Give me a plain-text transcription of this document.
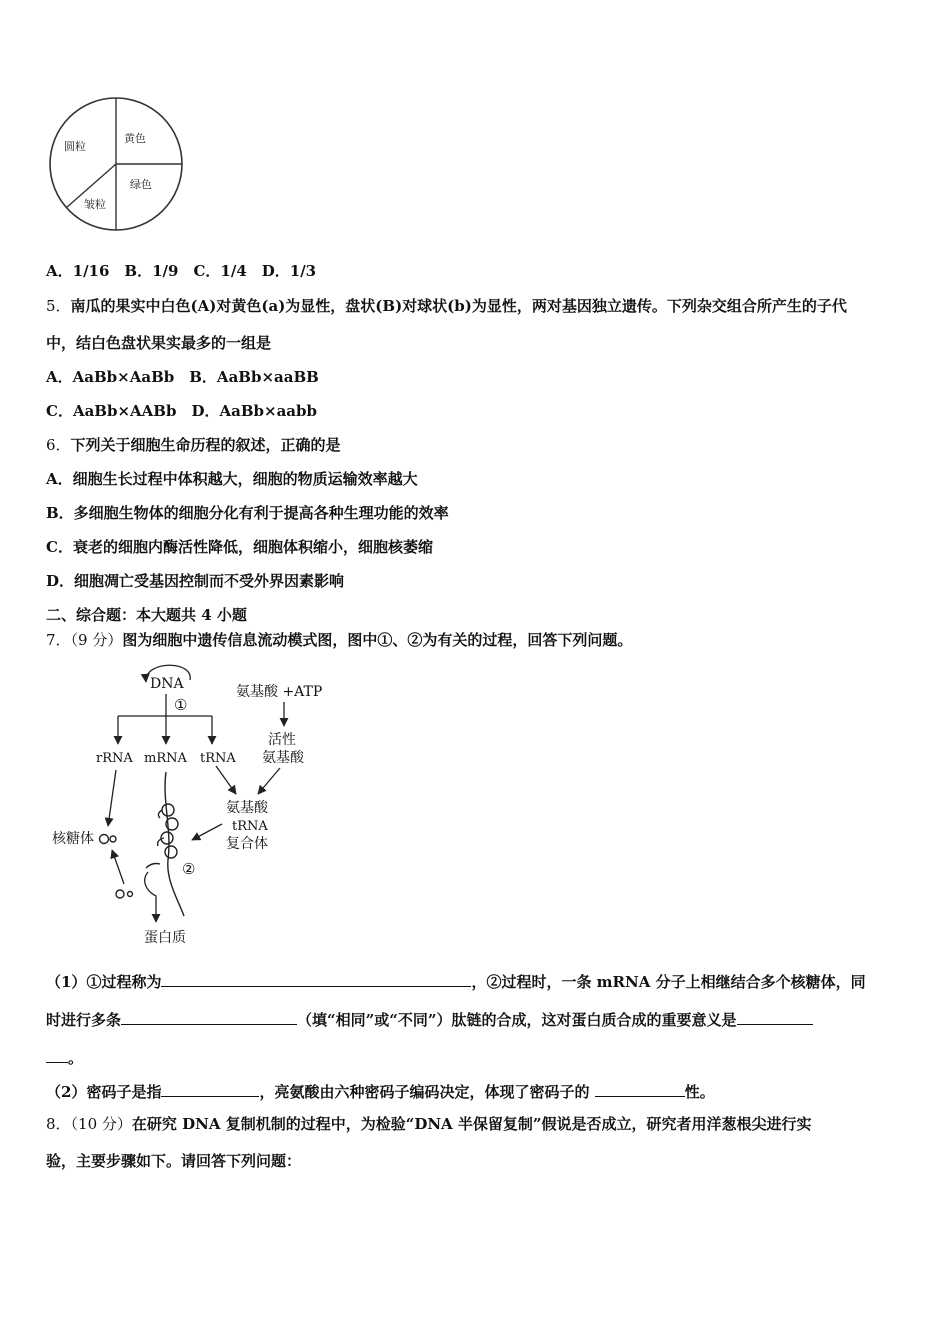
圆粒
黄色
绿色
皱粒
A．1/16　B．1/9　C．1/4　D．1/3
5．南瓜的果实中白色(A)对黄色(a)为显性，盘状(B)对球状(b)为显性，两对基因独立遗传。下列杂交组合所产生的子代
中，结白色盘状果实最多的一组是
A．AaBb×AaBb　B．AaBb×aaBB
C．AaBb×AABb　D．AaBb×aabb
6．下列关于细胞生命历程的叙述，正确的是
A．细胞生长过程中体积越大，细胞的物质运输效率越大
B．多细胞生物体的细胞分化有利于提高各种生理功能的效率
C．衰老的细胞内酶活性降低，细胞体积缩小，细胞核萎缩
D．细胞凋亡受基因控制而不受外界因素影响
二、综合题：本大题共 4 小题
7．（9 分）图为细胞中遗传信息流动模式图，图中①、②为有关的过程，回答下列问题。
DNA
①
rRNA mRNA tRNA
氨基酸 +ATP
活性
氨基酸
氨基酸
tRNA
复合体
②
核糖体
蛋白质
（1）①过程称为	，②过程时，一条 mRNA 分子上相继结合多个核糖体，同
时进行多条	（填“相同”或“不同”）肽链的合成，这对蛋白质合成的重要意义是
。
（2）密码子是指	，亮氨酸由六种密码子编码决定，体现了密码子的	性。
8．（10 分）在研究 DNA 复制机制的过程中，为检验“DNA 半保留复制”假说是否成立，研究者用洋葱根尖进行实
验，主要步骤如下。请回答下列问题：
